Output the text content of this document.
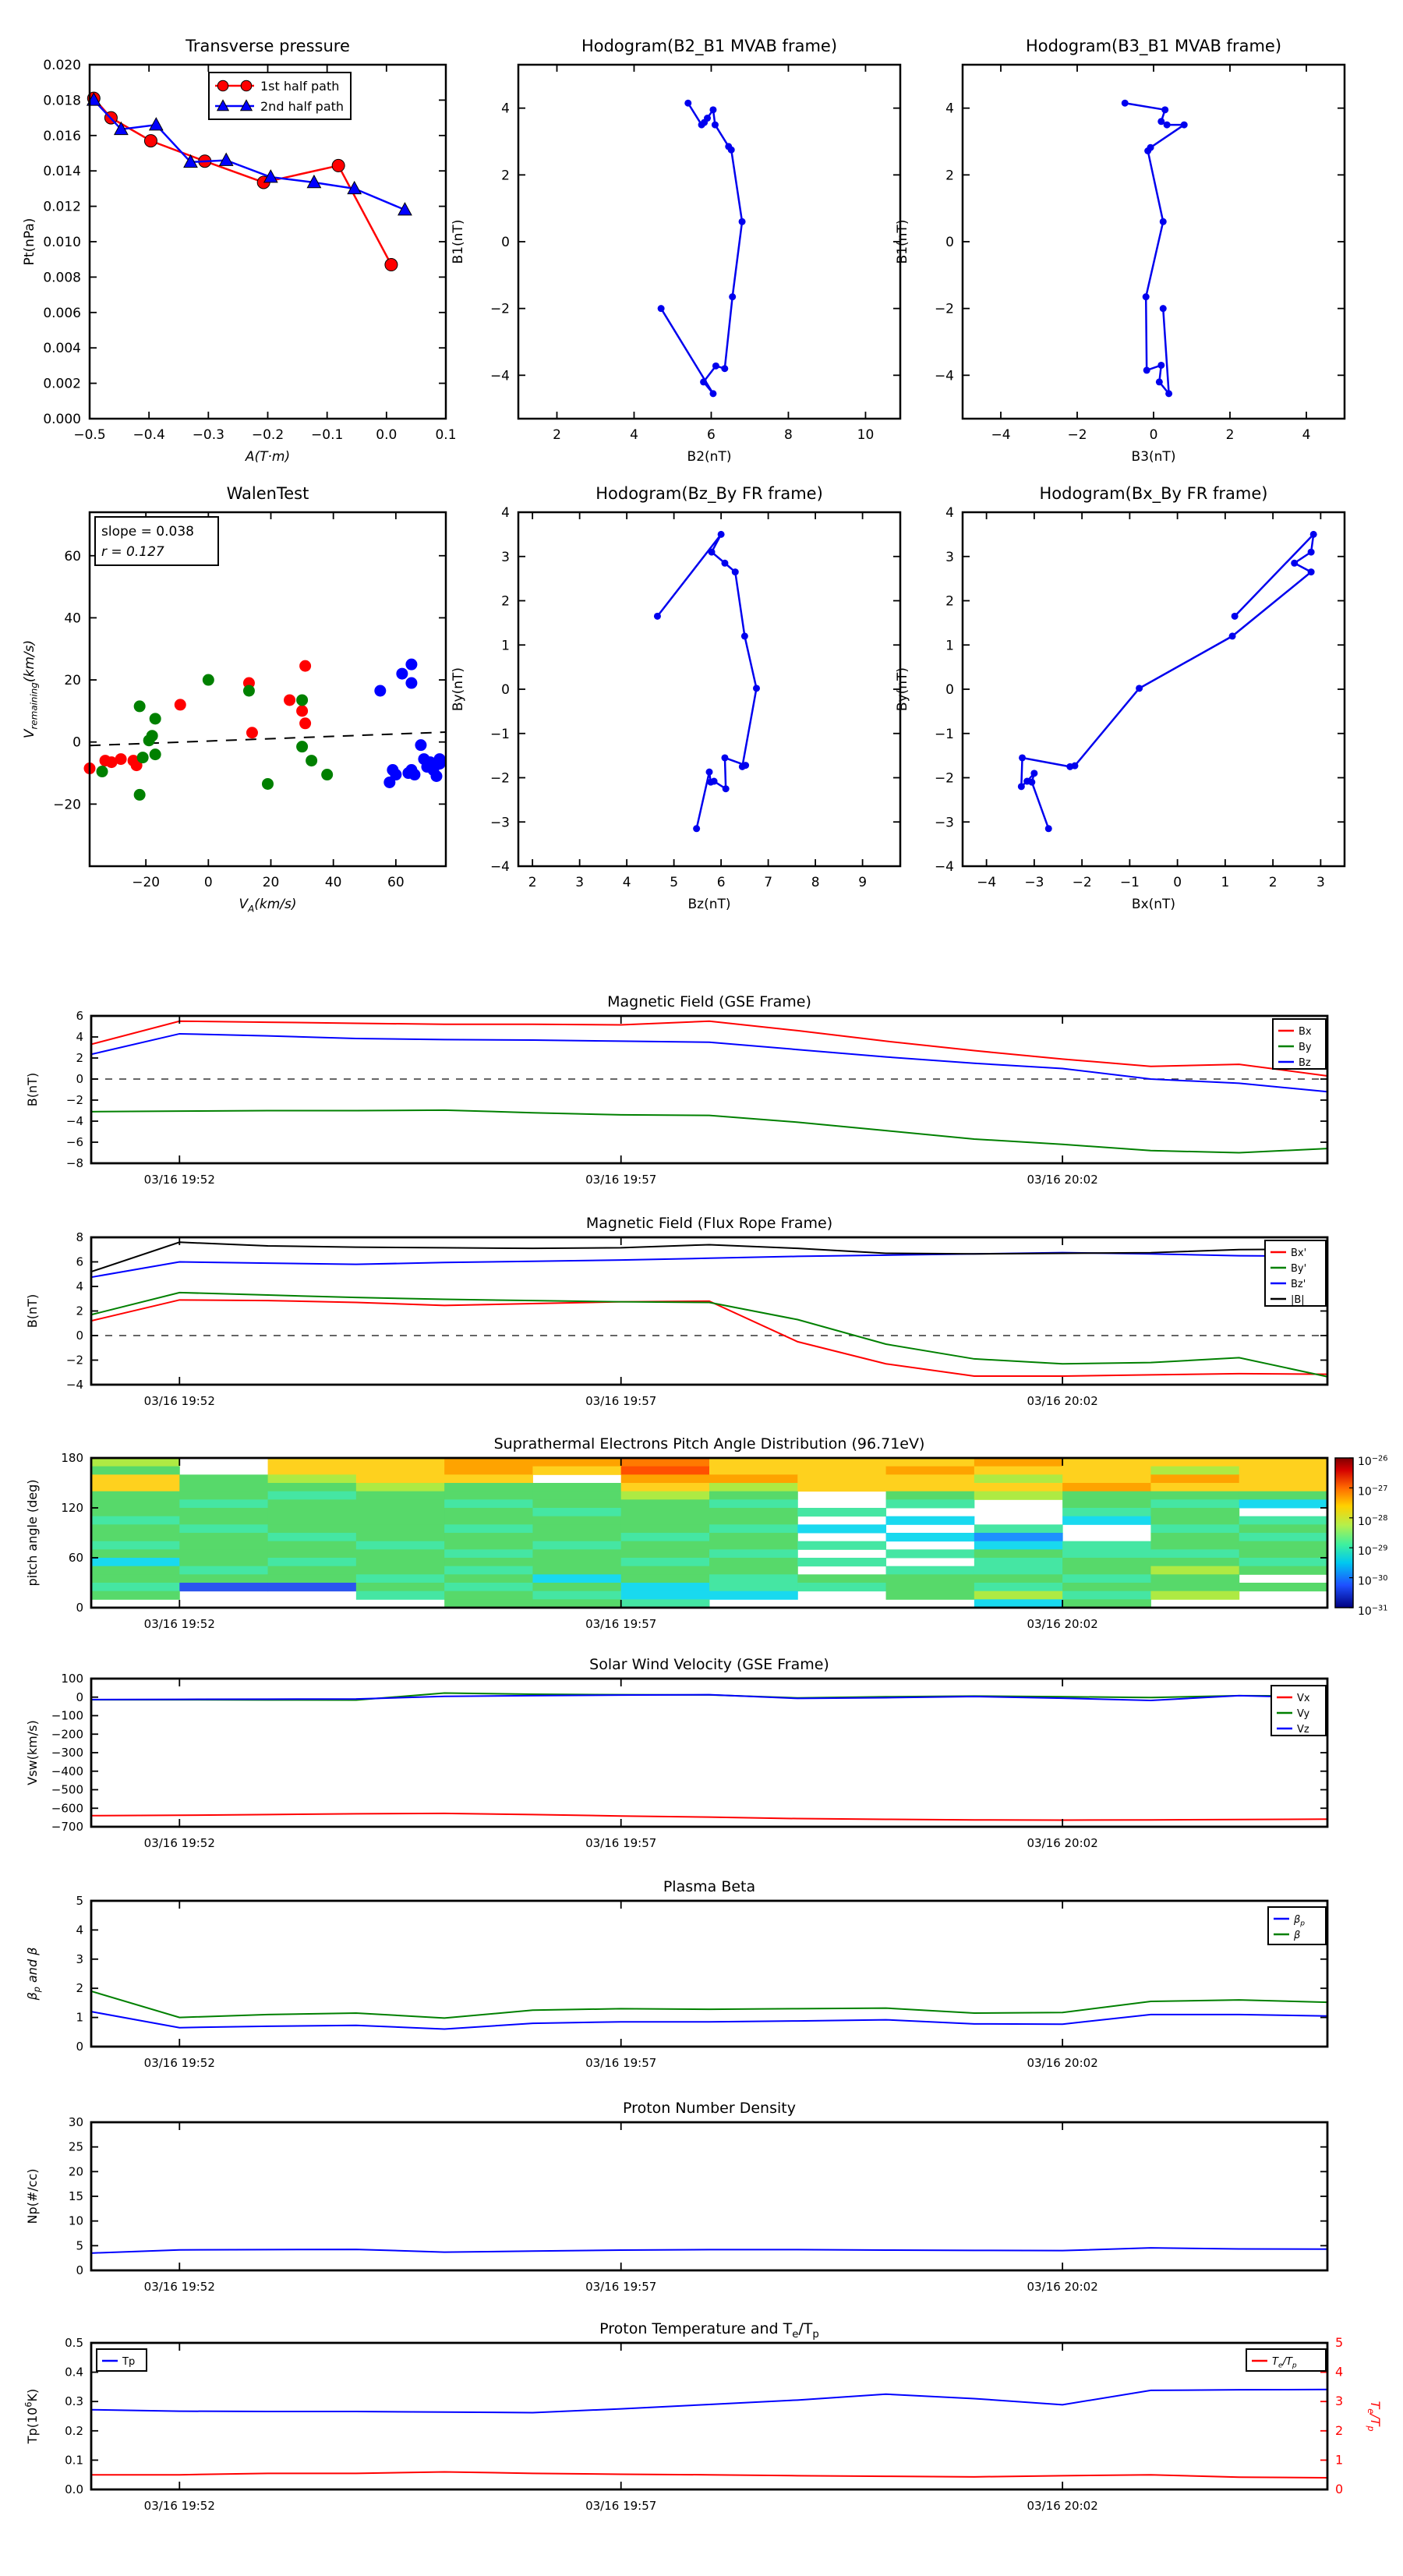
Transverse pressure
−0.5 −0.4 −0.3 −0.2 −0.1 0.0	0.1
0.000
0.002
0.004
0.006
0.008
0.010
0.012
0.014
0.016
0.018
0.020
A(T·m)
Pt(nPa)
1st half path
2nd half path
Hodogram(B2_B1 MVAB frame)
2	4	6	8	10
−4
−2
0
2
4
B2(nT)
B1(nT)
Hodogram(B3_B1 MVAB frame)
−4	−2	0	2	4
−4
−2
0
2
4
B3(nT)
B1(nT)
WalenTest
−20	0	20	40	60
−20
0
20
40
60
$V_A(km/s)$
$V_{remaining}(km/s)$
slope = 0.038
r = 0.127
Hodogram(Bz_By FR frame)
2	3	4	5	6	7	8	9
−4
−3
−2
−1
0
1
2
3
4
Bz(nT)
By(nT)
Hodogram(Bx_By FR frame)
−4 −3 −2 −1	0	1	2	3
−4
−3
−2
−1
0
1
2
3
4
Bx(nT)
By(nT)
Magnetic Field (GSE Frame)
03/16 19:52	03/16 19:57	03/16 20:02
−8
−6
−4
−2
0
2
4
6
B(nT)
Bx
By
Bz
Magnetic Field (Flux Rope Frame)
03/16 19:52	03/16 19:57	03/16 20:02
−4
−2
0
2
4
6
8
B(nT)
Bx'
By'
Bz'
|B|
Suprathermal Electrons Pitch Angle Distribution (96.71eV)
03/16 19:52	03/16 19:57	03/16 20:02
0
60
120
180
pitch angle (deg)
$10^{-26}$
$10^{-27}$
$10^{-28}$
$10^{-29}$
$10^{-30}$
$10^{-31}$
Solar Wind Velocity (GSE Frame)
03/16 19:52	03/16 19:57	03/16 20:02
−700
−600
−500
−400
−300
−200
−100
0
100
Vsw(km/s)
Vx
Vy
Vz
Plasma Beta
03/16 19:52	03/16 19:57	03/16 20:02
0
1
2
3
4
5
$\beta_p$ and β
$\beta_p$
β
Proton Number Density
03/16 19:52	03/16 19:57	03/16 20:02
0
5
10
15
20
25
30
Np(#/cc)
Proton Temperature and $T_e/T_p$
03/16 19:52	03/16 19:57	03/16 20:02
0.0
0.1
0.2
0.3
0.4
0.5
0
1
2
3
4
5
$T_e/T_p$
$Tp(10^6K)$
Tp	$T_e/T_p$
